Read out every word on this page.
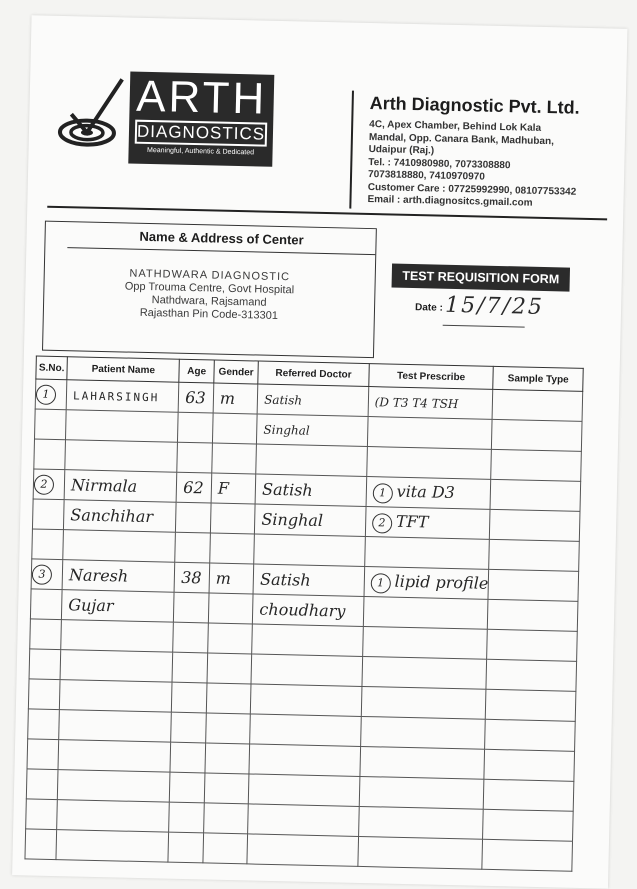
ARTH
DIAGNOSTICS
Meaningful, Authentic & Dedicated
Arth Diagnostic Pvt. Ltd.
4C, Apex Chamber, Behind Lok Kala
Mandal, Opp. Canara Bank, Madhuban,
Udaipur (Raj.)
Tel. : 7410980980, 7073308880
7073818880, 7410970970
Customer Care : 07725992990, 08107753342
Email : arth.diagnositcs.gmail.com
Name & Address of Center
NATHDWARA DIAGNOSTIC
Opp Trouma Centre, Govt Hospital
Nathdwara, Rajsamand
Rajasthan Pin Code-313301
TEST REQUISITION FORM
Date : 15/7/25
S.No.	Patient Name	Age	Gender	Referred Doctor	Test Prescribe	Sample Type
1	LAHARSINGH	63	m	Satish	(D T3 T4 TSH	
				Singhal		

2	Nirmala	62	F	Satish	1 vita D3	
	Sanchihar			Singhal	2 TFT	

3	Naresh	38	m	Satish	1 lipid profile	
	Gujar			choudhary		
